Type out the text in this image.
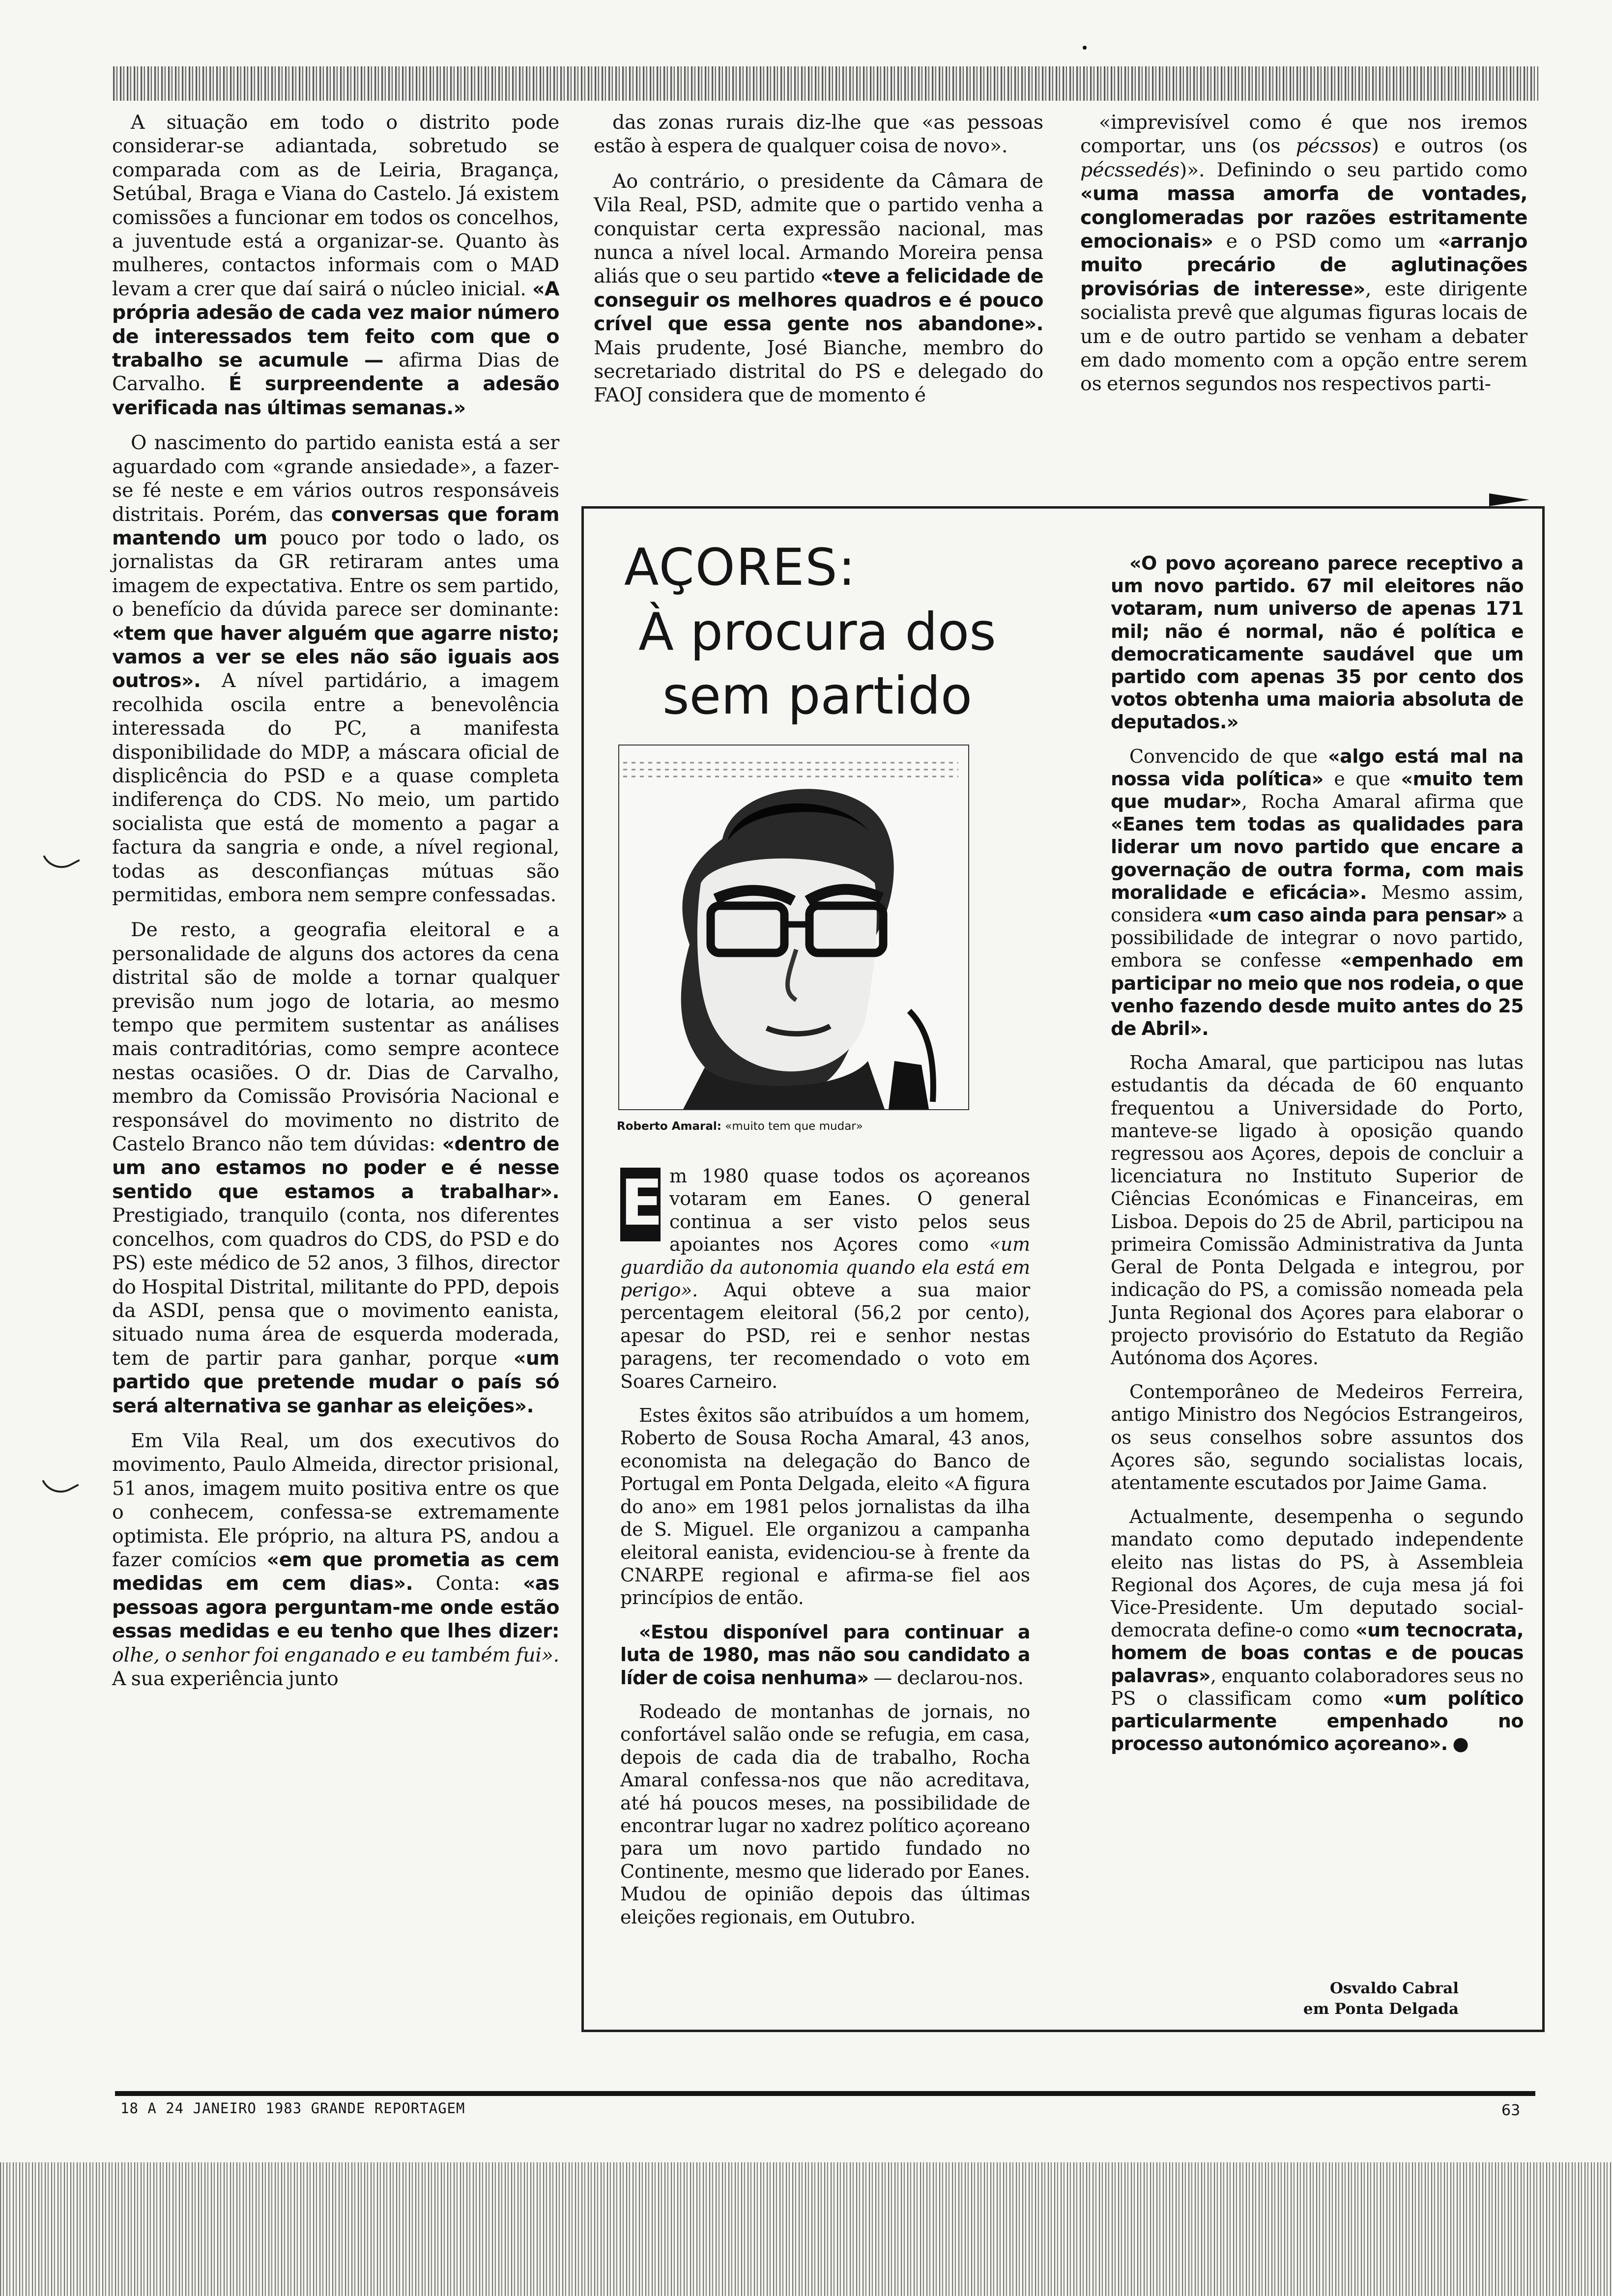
A situação em todo o distrito pode considerar-se adiantada, sobretudo se comparada com as de Leiria, Bragança, Setúbal, Braga e Viana do Castelo. Já existem comissões a funcionar em todos os concelhos, a juventude está a organizar-se. Quanto às mulheres, contactos informais com o MAD levam a crer que daí sairá o núcleo inicial. «A própria adesão de cada vez maior número de interessados tem feito com que o trabalho se acumule — afirma Dias de Carvalho. É surpreendente a adesão verificada nas últimas semanas.»

O nascimento do partido eanista está a ser aguardado com «grande ansiedade», a fazer-se fé neste e em vários outros responsáveis distritais. Porém, das conversas que foram mantendo um pouco por todo o lado, os jornalistas da GR retiraram antes uma imagem de expectativa. Entre os sem partido, o benefício da dúvida parece ser dominante: «tem que haver alguém que agarre nisto; vamos a ver se eles não são iguais aos outros». A nível partidário, a imagem recolhida oscila entre a benevolência interessada do PC, a manifesta disponibilidade do MDP, a máscara oficial de displicência do PSD e a quase completa indiferença do CDS. No meio, um partido socialista que está de momento a pagar a factura da sangria e onde, a nível regional, todas as desconfianças mútuas são permitidas, embora nem sempre confessadas.

De resto, a geografia eleitoral e a personalidade de alguns dos actores da cena distrital são de molde a tornar qualquer previsão num jogo de lotaria, ao mesmo tempo que permitem sustentar as análises mais contraditórias, como sempre acontece nestas ocasiões. O dr. Dias de Carvalho, membro da Comissão Provisória Nacional e responsável do movimento no distrito de Castelo Branco não tem dúvidas: «dentro de um ano estamos no poder e é nesse sentido que estamos a trabalhar». Prestigiado, tranquilo (conta, nos diferentes concelhos, com quadros do CDS, do PSD e do PS) este médico de 52 anos, 3 filhos, director do Hospital Distrital, militante do PPD, depois da ASDI, pensa que o movimento eanista, situado numa área de esquerda moderada, tem de partir para ganhar, porque «um partido que pretende mudar o país só será alternativa se ganhar as eleições».

Em Vila Real, um dos executivos do movimento, Paulo Almeida, director prisional, 51 anos, imagem muito positiva entre os que o conhecem, confessa-se extremamente optimista. Ele próprio, na altura PS, andou a fazer comícios «em que prometia as cem medidas em cem dias». Conta: «as pessoas agora perguntam-me onde estão essas medidas e eu tenho que lhes dizer: olhe, o senhor foi enganado e eu também fui». A sua experiência junto

das zonas rurais diz-lhe que «as pessoas estão à espera de qualquer coisa de novo».

Ao contrário, o presidente da Câmara de Vila Real, PSD, admite que o partido venha a conquistar certa expressão nacional, mas nunca a nível local. Armando Moreira pensa aliás que o seu partido «teve a felicidade de conseguir os melhores quadros e é pouco crível que essa gente nos abandone». Mais prudente, José Bianche, membro do secretariado distrital do PS e delegado do FAOJ considera que de momento é

«imprevisível como é que nos iremos comportar, uns (os pécssos) e outros (os pécssedés)». Definindo o seu partido como «uma massa amorfa de vontades, conglomeradas por razões estritamente emocionais» e o PSD como um «arranjo muito precário de aglutinações provisórias de interesse», este dirigente socialista prevê que algumas figuras locais de um e de outro partido se venham a debater em dado momento com a opção entre serem os eternos segundos nos respectivos parti-

AÇORES:
À procura dos
sem partido
Roberto Amaral: «muito tem que mudar»
E m 1980 quase todos os açoreanos votaram em Eanes. O general continua a ser visto pelos seus apoiantes nos Açores como «um guardião da autonomia quando ela está em perigo». Aqui obteve a sua maior percentagem eleitoral (56,2 por cento), apesar do PSD, rei e senhor nestas paragens, ter recomendado o voto em Soares Carneiro.

Estes êxitos são atribuídos a um homem, Roberto de Sousa Rocha Amaral, 43 anos, economista na delegação do Banco de Portugal em Ponta Delgada, eleito «A figura do ano» em 1981 pelos jornalistas da ilha de S. Miguel. Ele organizou a campanha eleitoral eanista, evidenciou-se à frente da CNARPE regional e afirma-se fiel aos princípios de então.

«Estou disponível para continuar a luta de 1980, mas não sou candidato a líder de coisa nenhuma» — declarou-nos.

Rodeado de montanhas de jornais, no confortável salão onde se refugia, em casa, depois de cada dia de trabalho, Rocha Amaral confessa-nos que não acreditava, até há poucos meses, na possibilidade de encontrar lugar no xadrez político açoreano para um novo partido fundado no Continente, mesmo que liderado por Eanes. Mudou de opinião depois das últimas eleições regionais, em Outubro.

«O povo açoreano parece receptivo a um novo partido. 67 mil eleitores não votaram, num universo de apenas 171 mil; não é normal, não é política e democraticamente saudável que um partido com apenas 35 por cento dos votos obtenha uma maioria absoluta de deputados.»

Convencido de que «algo está mal na nossa vida política» e que «muito tem que mudar», Rocha Amaral afirma que «Eanes tem todas as qualidades para liderar um novo partido que encare a governação de outra forma, com mais moralidade e eficácia». Mesmo assim, considera «um caso ainda para pensar» a possibilidade de integrar o novo partido, embora se confesse «empenhado em participar no meio que nos rodeia, o que venho fazendo desde muito antes do 25 de Abril».

Rocha Amaral, que participou nas lutas estudantis da década de 60 enquanto frequentou a Universidade do Porto, manteve-se ligado à oposição quando regressou aos Açores, depois de concluir a licenciatura no Instituto Superior de Ciências Económicas e Financeiras, em Lisboa. Depois do 25 de Abril, participou na primeira Comissão Administrativa da Junta Geral de Ponta Delgada e integrou, por indicação do PS, a comissão nomeada pela Junta Regional dos Açores para elaborar o projecto provisório do Estatuto da Região Autónoma dos Açores.

Contemporâneo de Medeiros Ferreira, antigo Ministro dos Negócios Estrangeiros, os seus conselhos sobre assuntos dos Açores são, segundo socialistas locais, atentamente escutados por Jaime Gama.

Actualmente, desempenha o segundo mandato como deputado independente eleito nas listas do PS, à Assembleia Regional dos Açores, de cuja mesa já foi Vice-Presidente. Um deputado social-democrata define-o como «um tecnocrata, homem de boas contas e de poucas palavras», enquanto colaboradores seus no PS o classificam como «um político particularmente empenhado no processo autonómico açoreano». ●

Osvaldo Cabral
em Ponta Delgada
18 A 24 JANEIRO 1983 GRANDE REPORTAGEM	63
